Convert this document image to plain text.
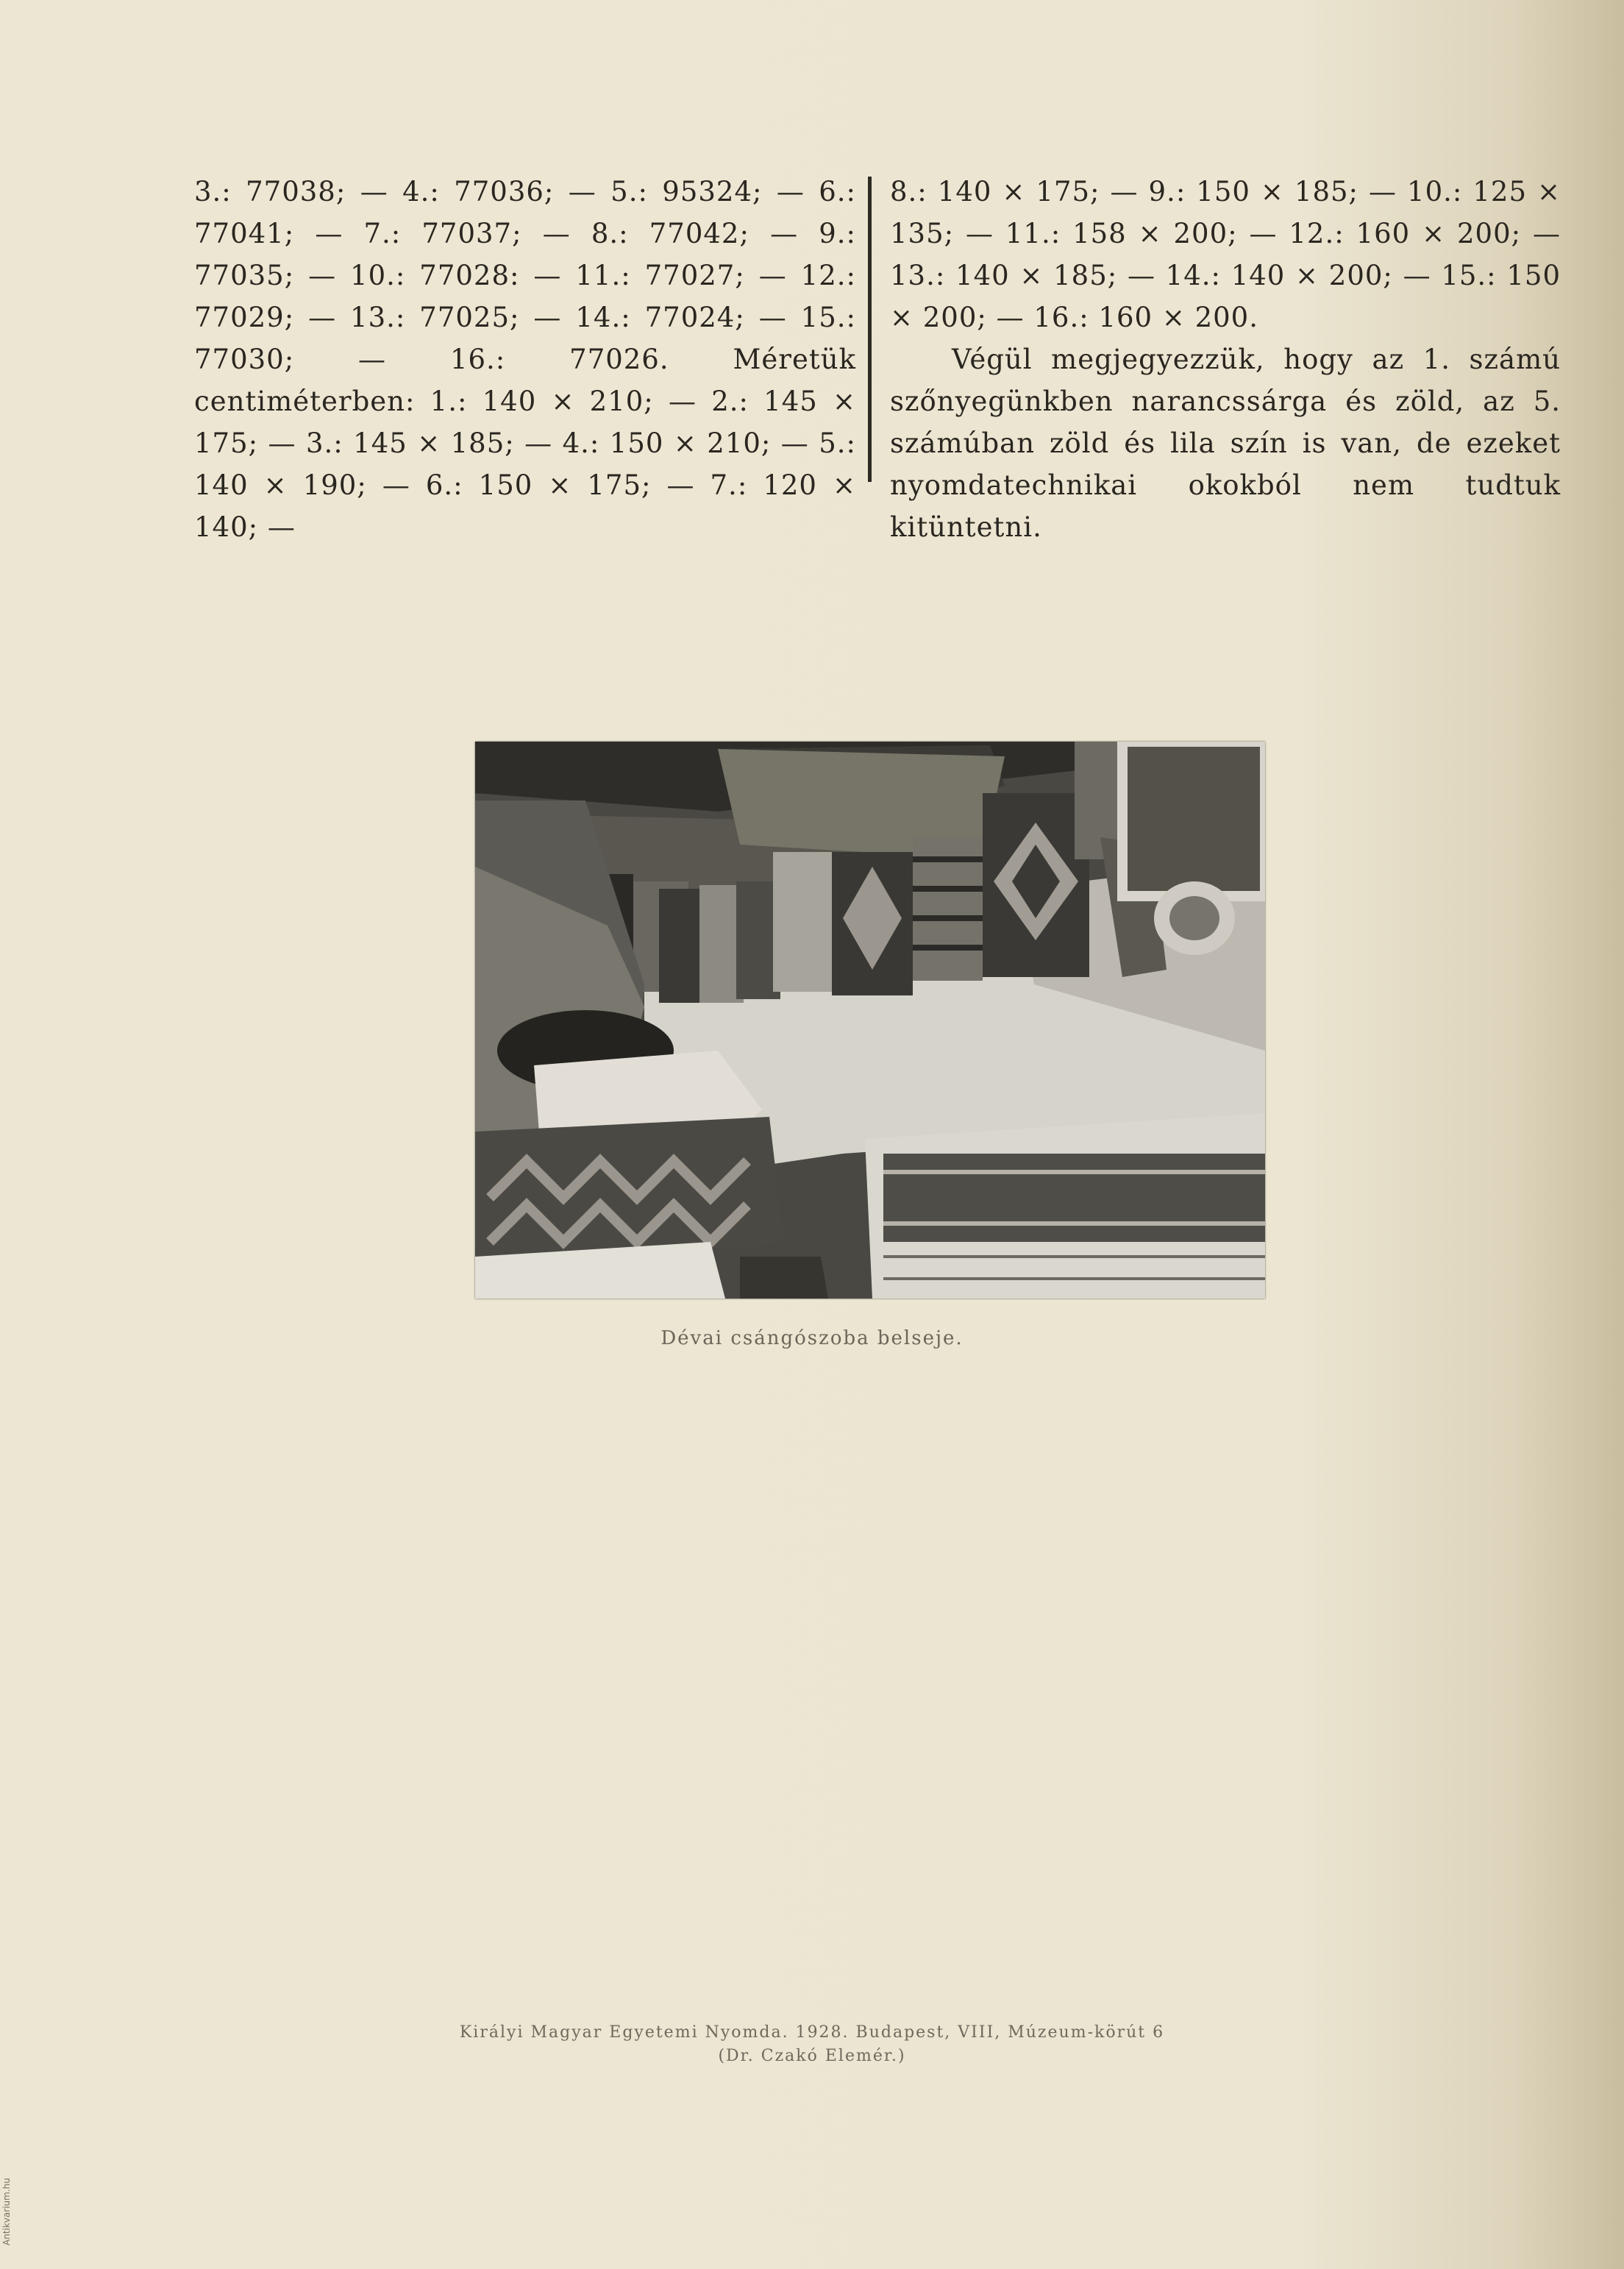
3.: 77038; — 4.: 77036; — 5.: 95324; — 6.: 77041; — 7.: 77037; — 8.: 77042; — 9.: 77035; — 10.: 77028: — 11.: 77027; — 12.: 77029; — 13.: 77025; — 14.: 77024; — 15.: 77030; — 16.: 77026. Méretük centiméterben: 1.: 140 × 210; — 2.: 145 × 175; — 3.: 145 × 185; — 4.: 150 × 210; — 5.: 140 × 190; — 6.: 150 × 175; — 7.: 120 × 140; —

8.: 140 × 175; — 9.: 150 × 185; — 10.: 125 × 135; — 11.: 158 × 200; — 12.: 160 × 200; — 13.: 140 × 185; — 14.: 140 × 200; — 15.: 150 × 200; — 16.: 160 × 200.

Végül megjegyezzük, hogy az 1. számú szőnyegünkben narancssárga és zöld, az 5. számúban zöld és lila szín is van, de ezeket nyomdatechnikai okokból nem tudtuk kitüntetni.

Dévai csángószoba belseje.
Királyi Magyar Egyetemi Nyomda. 1928. Budapest, VIII, Múzeum-körút 6
(Dr. Czakó Elemér.)
Antikvarium.hu
